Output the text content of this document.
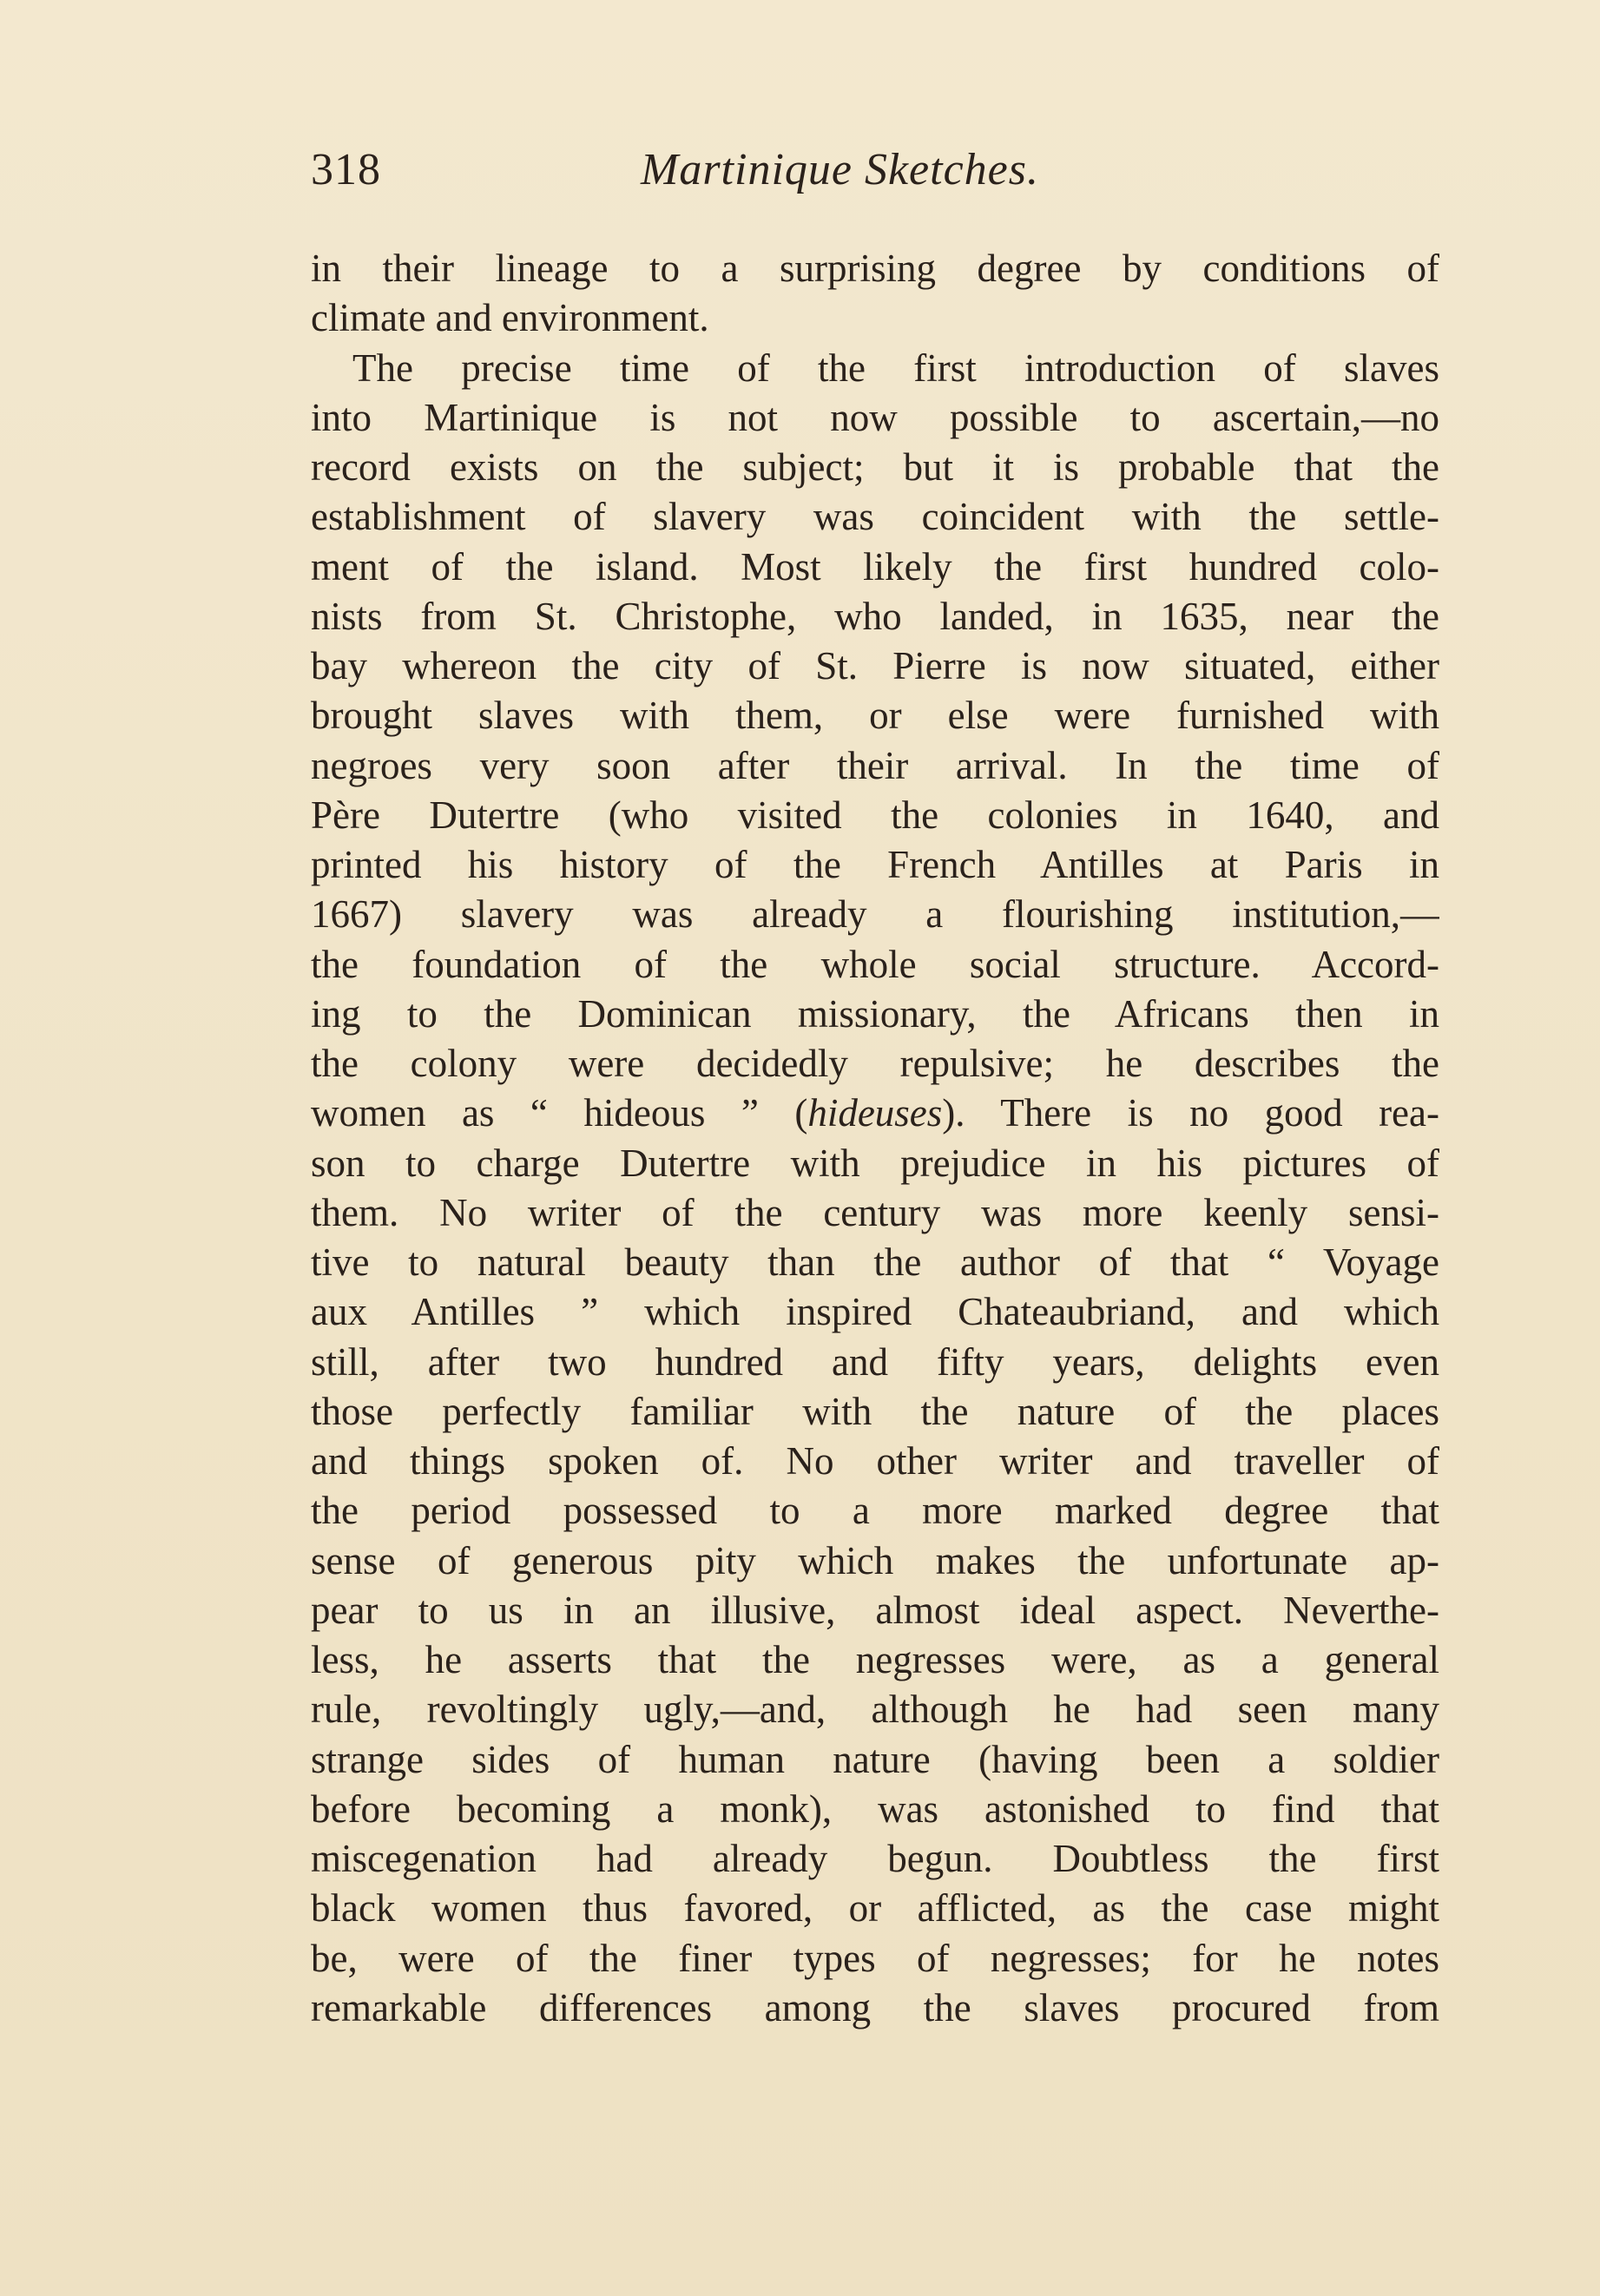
318	Martinique Sketches.
in their lineage to a surprising degree by conditions of
climate and environment.
The precise time of the first introduction of slaves
into Martinique is not now possible to ascertain,—no
record exists on the subject; but it is probable that the
establishment of slavery was coincident with the settle-
ment of the island. Most likely the first hundred colo-
nists from St. Christophe, who landed, in 1635, near the
bay whereon the city of St. Pierre is now situated, either
brought slaves with them, or else were furnished with
negroes very soon after their arrival. In the time of
Père Dutertre (who visited the colonies in 1640, and
printed his history of the French Antilles at Paris in
1667) slavery was already a flourishing institution,—
the foundation of the whole social structure. Accord-
ing to the Dominican missionary, the Africans then in
the colony were decidedly repulsive; he describes the
women as “ hideous ” (hideuses). There is no good rea-
son to charge Dutertre with prejudice in his pictures of
them. No writer of the century was more keenly sensi-
tive to natural beauty than the author of that “ Voyage
aux Antilles ” which inspired Chateaubriand, and which
still, after two hundred and fifty years, delights even
those perfectly familiar with the nature of the places
and things spoken of. No other writer and traveller of
the period possessed to a more marked degree that
sense of generous pity which makes the unfortunate ap-
pear to us in an illusive, almost ideal aspect. Neverthe-
less, he asserts that the negresses were, as a general
rule, revoltingly ugly,—and, although he had seen many
strange sides of human nature (having been a soldier
before becoming a monk), was astonished to find that
miscegenation had already begun. Doubtless the first
black women thus favored, or afflicted, as the case might
be, were of the finer types of negresses; for he notes
remarkable differences among the slaves procured from
